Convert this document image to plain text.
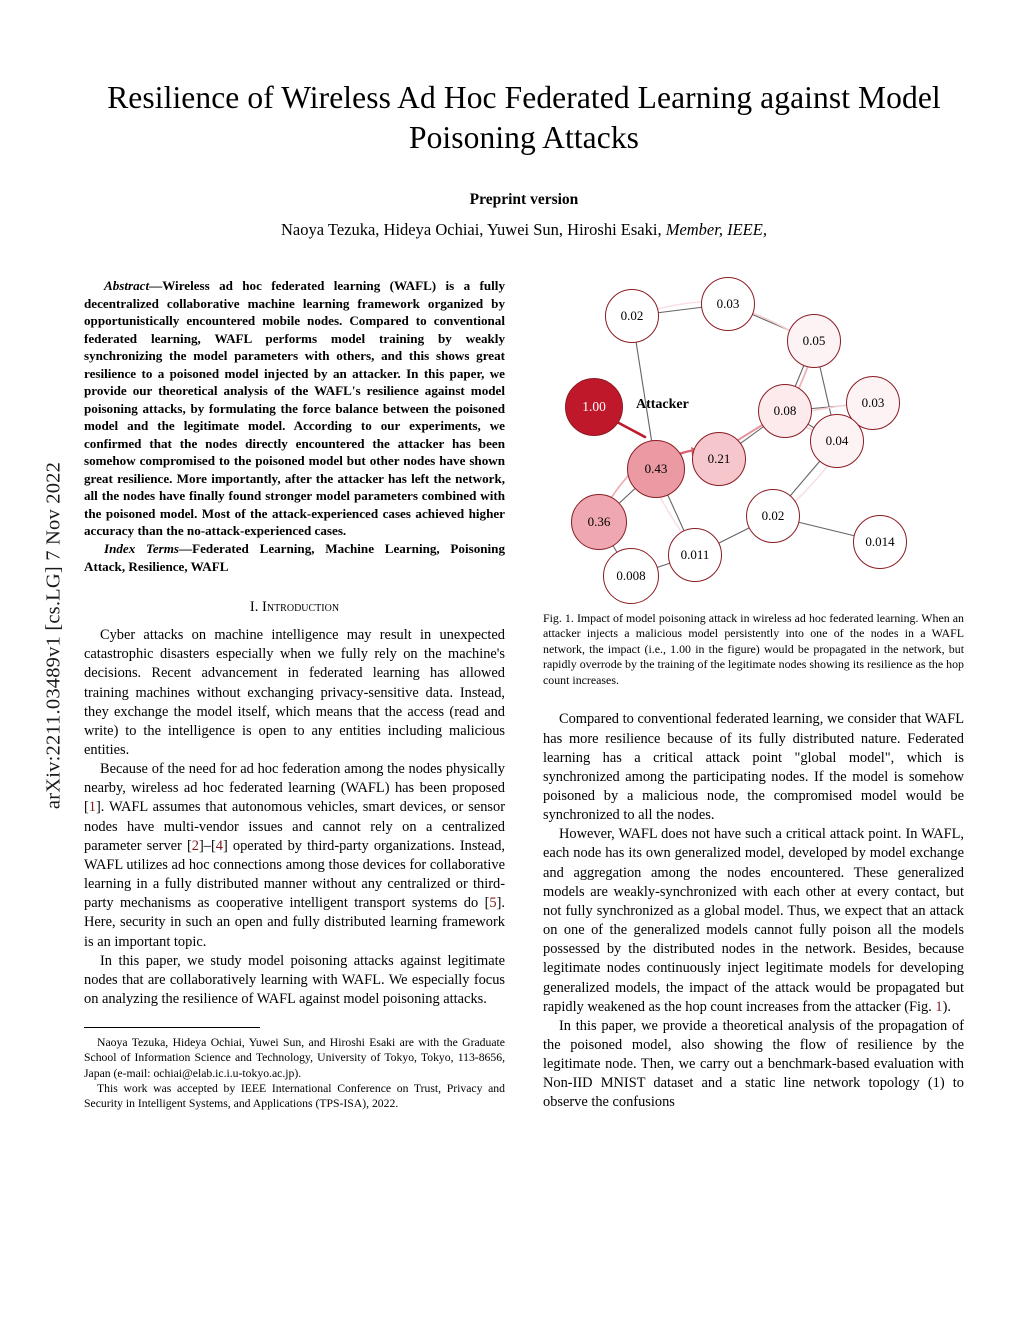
arXiv:2211.03489v1 [cs.LG] 7 Nov 2022
Resilience of Wireless Ad Hoc Federated Learning against Model Poisoning Attacks
Preprint version
Naoya Tezuka, Hideya Ochiai, Yuwei Sun, Hiroshi Esaki, Member, IEEE,
Abstract—Wireless ad hoc federated learning (WAFL) is a fully decentralized collaborative machine learning framework organized by opportunistically encountered mobile nodes. Compared to conventional federated learning, WAFL performs model training by weakly synchronizing the model parameters with others, and this shows great resilience to a poisoned model injected by an attacker. In this paper, we provide our theoretical analysis of the WAFL's resilience against model poisoning attacks, by formulating the force balance between the poisoned model and the legitimate model. According to our experiments, we confirmed that the nodes directly encountered the attacker has been somehow compromised to the poisoned model but other nodes have shown great resilience. More importantly, after the attacker has left the network, all the nodes have finally found stronger model parameters combined with the poisoned model. Most of the attack-experienced cases achieved higher accuracy than the no-attack-experienced cases.
Index Terms—Federated Learning, Machine Learning, Poisoning Attack, Resilience, WAFL
I. Introduction

Cyber attacks on machine intelligence may result in unexpected catastrophic disasters especially when we fully rely on the machine's decisions. Recent advancement in federated learning has allowed training machines without exchanging privacy-sensitive data. Instead, they exchange the model itself, which means that the access (read and write) to the intelligence is open to any entities including malicious entities.

Because of the need for ad hoc federation among the nodes physically nearby, wireless ad hoc federated learning (WAFL) has been proposed [1]. WAFL assumes that autonomous vehicles, smart devices, or sensor nodes have multi-vendor issues and cannot rely on a centralized parameter server [2]–[4] operated by third-party organizations. Instead, WAFL utilizes ad hoc connections among those devices for collaborative learning in a fully distributed manner without any centralized or third-party mechanisms as cooperative intelligent transport systems do [5]. Here, security in such an open and fully distributed learning framework is an important topic.

In this paper, we study model poisoning attacks against legitimate nodes that are collaboratively learning with WAFL. We especially focus on analyzing the resilience of WAFL against model poisoning attacks.

Naoya Tezuka, Hideya Ochiai, Yuwei Sun, and Hiroshi Esaki are with the Graduate School of Information Science and Technology, University of Tokyo, Tokyo, 113-8656, Japan (e-mail: ochiai@elab.ic.i.u-tokyo.ac.jp).

This work was accepted by IEEE International Conference on Trust, Privacy and Security in Intelligent Systems, and Applications (TPS-ISA), 2022.

1.00 Attacker
0.02
0.03
0.05
0.08
0.03
0.43
0.21
0.04
0.36	0.02
0.014
0.011
0.008
Fig. 1. Impact of model poisoning attack in wireless ad hoc federated learning. When an attacker injects a malicious model persistently into one of the nodes in a WAFL network, the impact (i.e., 1.00 in the figure) would be propagated in the network, but rapidly overrode by the training of the legitimate nodes showing its resilience as the hop count increases.

Compared to conventional federated learning, we consider that WAFL has more resilience because of its fully distributed nature. Federated learning has a critical attack point "global model", which is synchronized among the participating nodes. If the model is somehow poisoned by a malicious node, the compromised model would be synchronized to all the nodes.

However, WAFL does not have such a critical attack point. In WAFL, each node has its own generalized model, developed by model exchange and aggregation among the nodes encountered. These generalized models are weakly-synchronized with each other at every contact, but not fully synchronized as a global model. Thus, we expect that an attack on one of the generalized models cannot fully poison all the models possessed by the distributed nodes in the network. Besides, because legitimate nodes continuously inject legitimate models for developing generalized models, the impact of the attack would be propagated but rapidly weakened as the hop count increases from the attacker (Fig. 1).

In this paper, we provide a theoretical analysis of the propagation of the poisoned model, also showing the flow of resilience by the legitimate node. Then, we carry out a benchmark-based evaluation with Non-IID MNIST dataset and a static line network topology (1) to observe the confusions
